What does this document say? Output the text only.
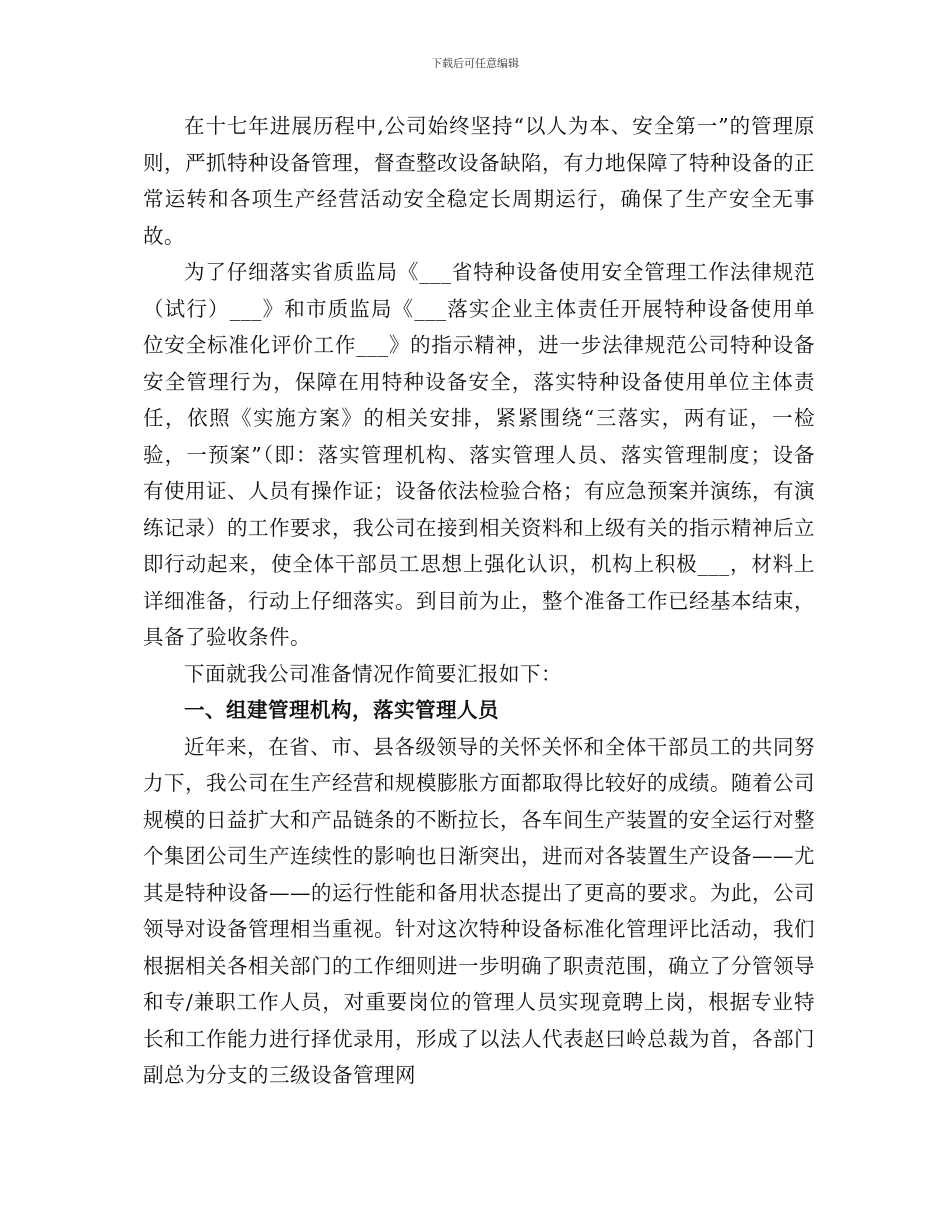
下载后可任意编辑

在十七年进展历程中,公司始终坚持“以人为本、安全第一”的管理原则，严抓特种设备管理，督查整改设备缺陷，有力地保障了特种设备的正常运转和各项生产经营活动安全稳定长周期运行，确保了生产安全无事故。

为了仔细落实省质监局《___省特种设备使用安全管理工作法律规范（试行）___》和市质监局《___落实企业主体责任开展特种设备使用单位安全标准化评价工作___》的指示精神，进一步法律规范公司特种设备安全管理行为，保障在用特种设备安全，落实特种设备使用单位主体责任，依照《实施方案》的相关安排，紧紧围绕“三落实，两有证，一检验，一预案”（即：落实管理机构、落实管理人员、落实管理制度；设备有使用证、人员有操作证；设备依法检验合格；有应急预案并演练，有演练记录）的工作要求，我公司在接到相关资料和上级有关的指示精神后立即行动起来，使全体干部员工思想上强化认识，机构上积极___，材料上详细准备，行动上仔细落实。到目前为止，整个准备工作已经基本结束，具备了验收条件。

下面就我公司准备情况作简要汇报如下：

一、组建管理机构，落实管理人员

近年来，在省、市、县各级领导的关怀关怀和全体干部员工的共同努力下，我公司在生产经营和规模膨胀方面都取得比较好的成绩。随着公司规模的日益扩大和产品链条的不断拉长，各车间生产装置的安全运行对整个集团公司生产连续性的影响也日渐突出，进而对各装置生产设备——尤其是特种设备——的运行性能和备用状态提出了更高的要求。为此，公司领导对设备管理相当重视。针对这次特种设备标准化管理评比活动，我们根据相关各相关部门的工作细则进一步明确了职责范围，确立了分管领导和专/兼职工作人员，对重要岗位的管理人员实现竟聘上岗，根据专业特长和工作能力进行择优录用，形成了以法人代表赵曰岭总裁为首，各部门副总为分支的三级设备管理网
